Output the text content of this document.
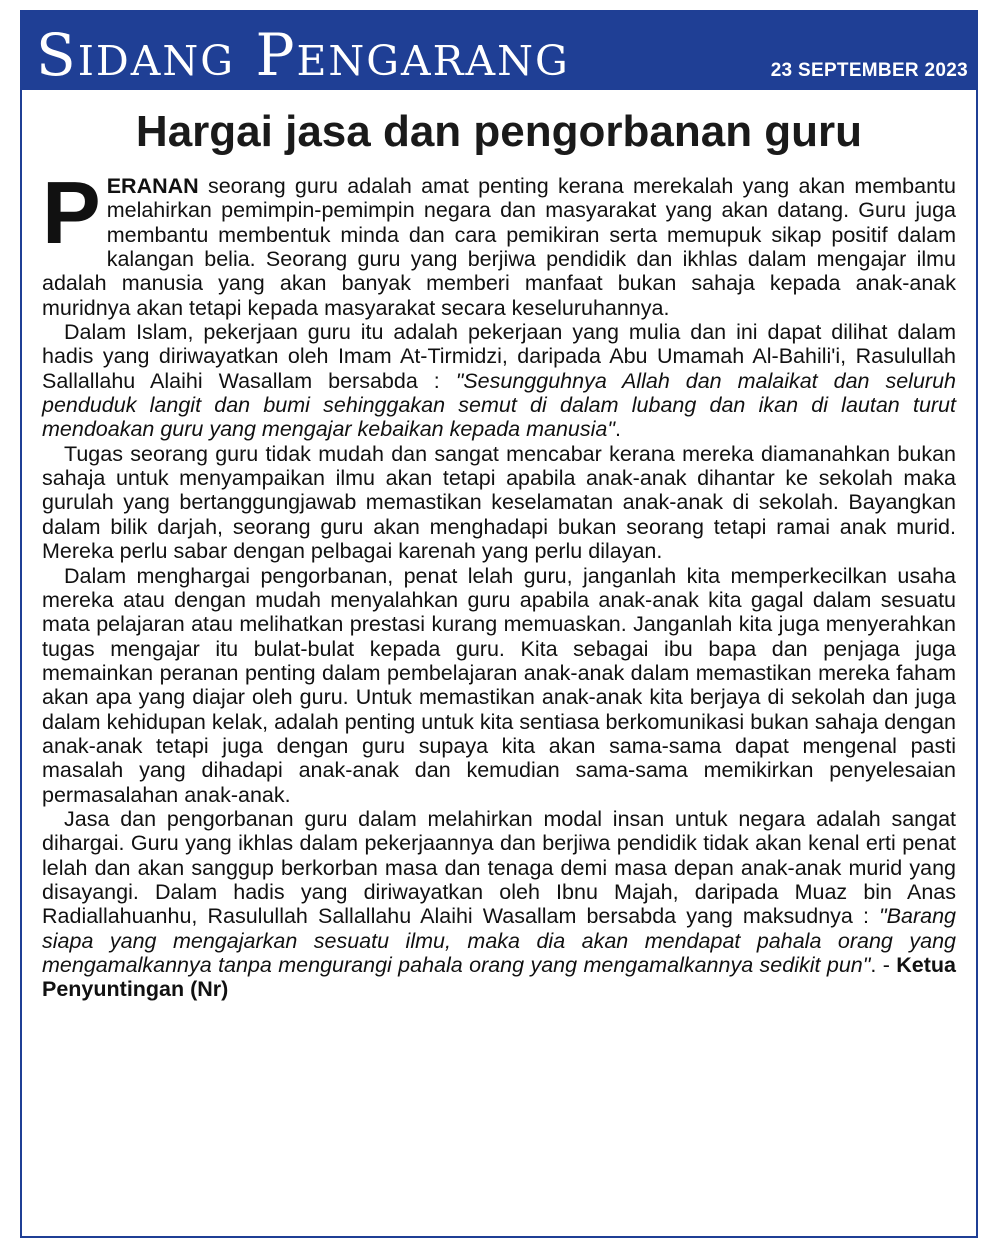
Sidang Pengarang	23 SEPTEMBER 2023
Hargai jasa dan pengorbanan guru

PERANAN seorang guru adalah amat penting kerana merekalah yang akan membantu melahirkan pemimpin-pemimpin negara dan masyarakat yang akan datang. Guru juga membantu membentuk minda dan cara pemikiran serta memupuk sikap positif dalam kalangan belia. Seorang guru yang berjiwa pendidik dan ikhlas dalam mengajar ilmu adalah manusia yang akan banyak memberi manfaat bukan sahaja kepada anak-anak muridnya akan tetapi kepada masyarakat secara keseluruhannya.

Dalam Islam, pekerjaan guru itu adalah pekerjaan yang mulia dan ini dapat dilihat dalam hadis yang diriwayatkan oleh Imam At-Tirmidzi, daripada Abu Umamah Al-Bahili'i, Rasulullah Sallallahu Alaihi Wasallam bersabda : "Sesungguhnya Allah dan malaikat dan seluruh penduduk langit dan bumi sehinggakan semut di dalam lubang dan ikan di lautan turut mendoakan guru yang mengajar kebaikan kepada manusia".

Tugas seorang guru tidak mudah dan sangat mencabar kerana mereka diamanahkan bukan sahaja untuk menyampaikan ilmu akan tetapi apabila anak-anak dihantar ke sekolah maka gurulah yang bertanggungjawab memastikan keselamatan anak-anak di sekolah. Bayangkan dalam bilik darjah, seorang guru akan menghadapi bukan seorang tetapi ramai anak murid. Mereka perlu sabar dengan pelbagai karenah yang perlu dilayan.

Dalam menghargai pengorbanan, penat lelah guru, janganlah kita memperkecilkan usaha mereka atau dengan mudah menyalahkan guru apabila anak-anak kita gagal dalam sesuatu mata pelajaran atau melihatkan prestasi kurang memuaskan. Janganlah kita juga menyerahkan tugas mengajar itu bulat-bulat kepada guru. Kita sebagai ibu bapa dan penjaga juga memainkan peranan penting dalam pembelajaran anak-anak dalam memastikan mereka faham akan apa yang diajar oleh guru. Untuk memastikan anak-anak kita berjaya di sekolah dan juga dalam kehidupan kelak, adalah penting untuk kita sentiasa berkomunikasi bukan sahaja dengan anak-anak tetapi juga dengan guru supaya kita akan sama-sama dapat mengenal pasti masalah yang dihadapi anak-anak dan kemudian sama-sama memikirkan penyelesaian permasalahan anak-anak.

Jasa dan pengorbanan guru dalam melahirkan modal insan untuk negara adalah sangat dihargai. Guru yang ikhlas dalam pekerjaannya dan berjiwa pendidik tidak akan kenal erti penat lelah dan akan sanggup berkorban masa dan tenaga demi masa depan anak-anak murid yang disayangi. Dalam hadis yang diriwayatkan oleh Ibnu Majah, daripada Muaz bin Anas Radiallahuanhu, Rasulullah Sallallahu Alaihi Wasallam bersabda yang maksudnya : "Barang siapa yang mengajarkan sesuatu ilmu, maka dia akan mendapat pahala orang yang mengamalkannya tanpa mengurangi pahala orang yang mengamalkannya sedikit pun". - Ketua Penyuntingan (Nr)
